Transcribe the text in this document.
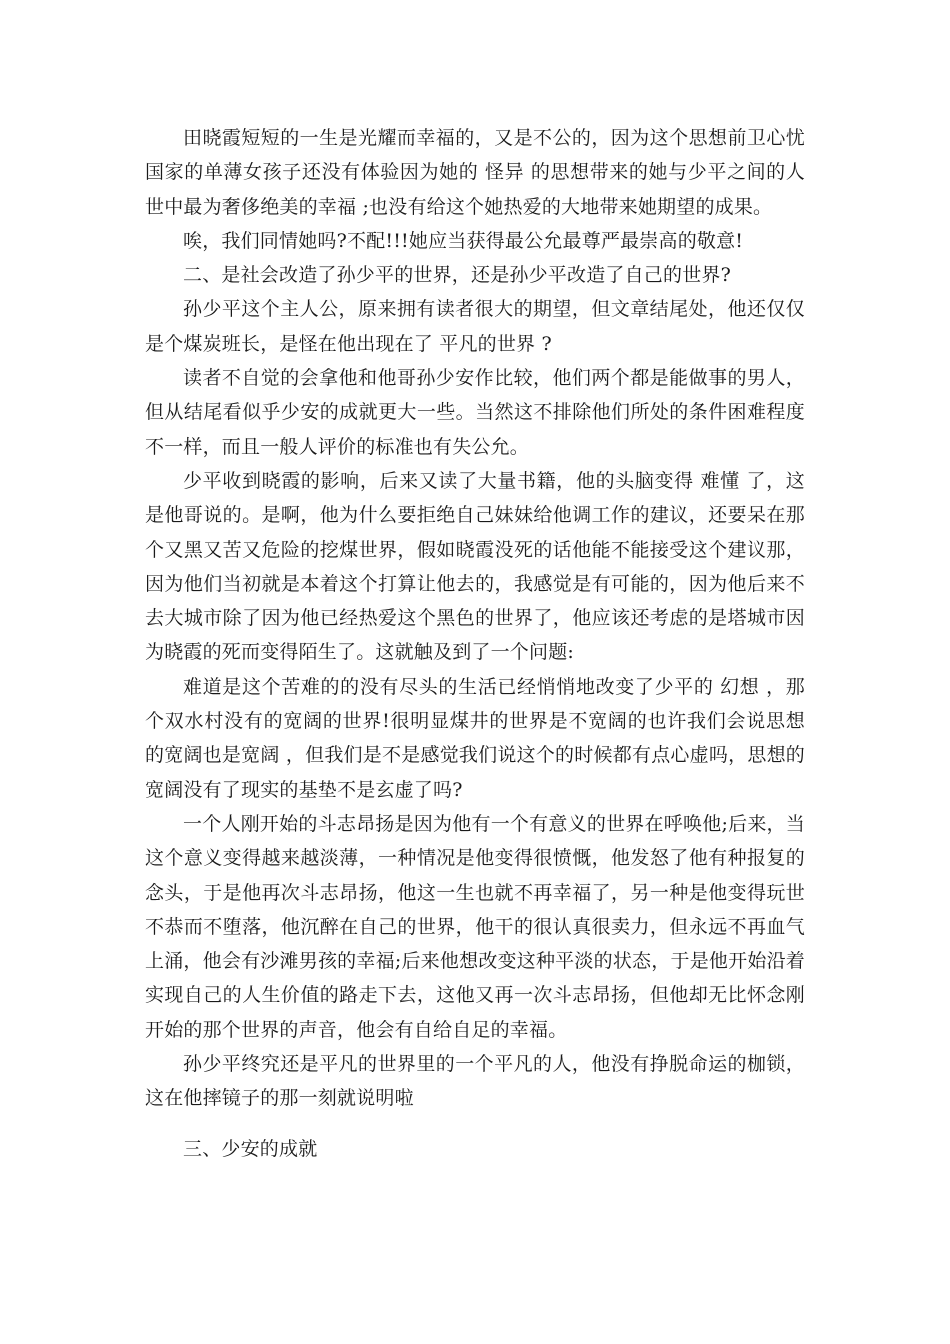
田晓霞短短的一生是光耀而幸福的，又是不公的，因为这个思想前卫心忧国家的单薄女孩子还没有体验因为她的 怪异 的思想带来的她与少平之间的人世中最为奢侈绝美的幸福 ;也没有给这个她热爱的大地带来她期望的成果。

唉，我们同情她吗?不配!!!她应当获得最公允最尊严最崇高的敬意!

二、是社会改造了孙少平的世界，还是孙少平改造了自己的世界?

孙少平这个主人公，原来拥有读者很大的期望，但文章结尾处，他还仅仅是个煤炭班长，是怪在他出现在了 平凡的世界 ?

读者不自觉的会拿他和他哥孙少安作比较，他们两个都是能做事的男人，但从结尾看似乎少安的成就更大一些。当然这不排除他们所处的条件困难程度不一样，而且一般人评价的标准也有失公允。

少平收到晓霞的影响，后来又读了大量书籍，他的头脑变得 难懂 了，这是他哥说的。是啊，他为什么要拒绝自己妹妹给他调工作的建议，还要呆在那个又黑又苦又危险的挖煤世界，假如晓霞没死的话他能不能接受这个建议那，因为他们当初就是本着这个打算让他去的，我感觉是有可能的，因为他后来不去大城市除了因为他已经热爱这个黑色的世界了，他应该还考虑的是塔城市因为晓霞的死而变得陌生了。这就触及到了一个问题:

难道是这个苦难的的没有尽头的生活已经悄悄地改变了少平的 幻想 ，那个双水村没有的宽阔的世界!很明显煤井的世界是不宽阔的也许我们会说思想的宽阔也是宽阔 ，但我们是不是感觉我们说这个的时候都有点心虚吗，思想的宽阔没有了现实的基垫不是玄虚了吗?

一个人刚开始的斗志昂扬是因为他有一个有意义的世界在呼唤他;后来，当这个意义变得越来越淡薄，一种情况是他变得很愤慨，他发怒了他有种报复的念头，于是他再次斗志昂扬，他这一生也就不再幸福了，另一种是他变得玩世不恭而不堕落，他沉醉在自己的世界，他干的很认真很卖力，但永远不再血气上涌，他会有沙滩男孩的幸福;后来他想改变这种平淡的状态，于是他开始沿着实现自己的人生价值的路走下去，这他又再一次斗志昂扬，但他却无比怀念刚开始的那个世界的声音，他会有自给自足的幸福。

孙少平终究还是平凡的世界里的一个平凡的人，他没有挣脱命运的枷锁，这在他摔镜子的那一刻就说明啦

三、少安的成就
